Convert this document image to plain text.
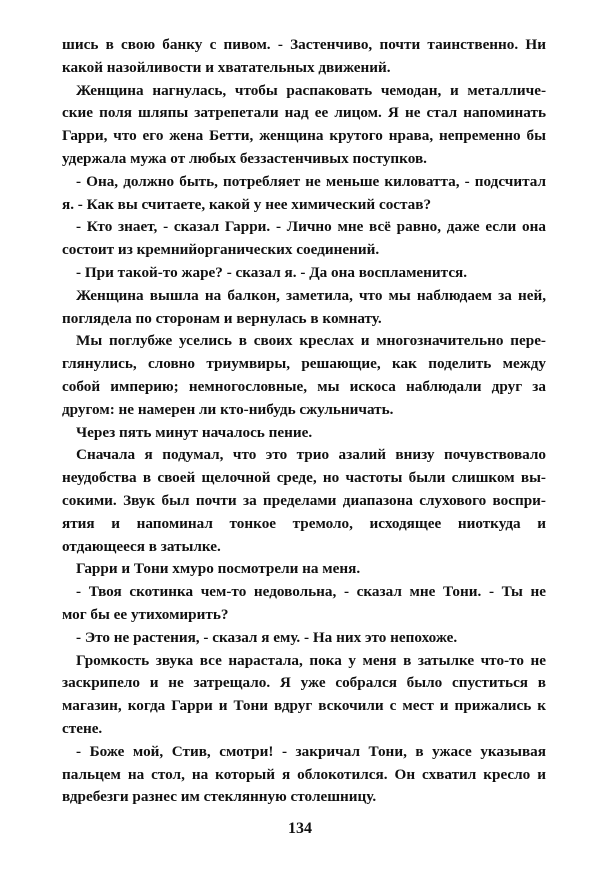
шись в свою банку с пивом. - Застенчиво, почти таинственно. Ни
какой назойливости и хватательных движений.
Женщина нагнулась, чтобы распаковать чемодан, и металличе-
ские поля шляпы затрепетали над ее лицом. Я не стал напоминать
Гарри, что его жена Бетти, женщина крутого нрава, непременно бы
удержала мужа от любых беззастенчивых поступков.
- Она, должно быть, потребляет не меньше киловатта, - подсчитал
я. - Как вы считаете, какой у нее химический состав?
- Кто знает, - сказал Гарри. - Лично мне всё равно, даже если она
состоит из кремнийорганических соединений.
- При такой-то жаре? - сказал я. - Да она воспламенится.
Женщина вышла на балкон, заметила, что мы наблюдаем за ней,
поглядела по сторонам и вернулась в комнату.
Мы поглубже уселись в своих креслах и многозначительно пере-
глянулись, словно триумвиры, решающие, как поделить между
собой империю; немногословные, мы искоса наблюдали друг за
другом: не намерен ли кто-нибудь сжульничать.
Через пять минут началось пение.
Сначала я подумал, что это трио азалий внизу почувствовало
неудобства в своей щелочной среде, но частоты были слишком вы-
сокими. Звук был почти за пределами диапазона слухового воспри-
ятия и напоминал тонкое тремоло, исходящее ниоткуда и
отдающееся в затылке.
Гарри и Тони хмуро посмотрели на меня.
- Твоя скотинка чем-то недовольна, - сказал мне Тони. - Ты не
мог бы ее утихомирить?
- Это не растения, - сказал я ему. - На них это непохоже.
Громкость звука все нарастала, пока у меня в затылке что-то не
заскрипело и не затрещало. Я уже собрался было спуститься в
магазин, когда Гарри и Тони вдруг вскочили с мест и прижались к
стене.
- Боже мой, Стив, смотри! - закричал Тони, в ужасе указывая
пальцем на стол, на который я облокотился. Он схватил кресло и
вдребезги разнес им стеклянную столешницу.
134
